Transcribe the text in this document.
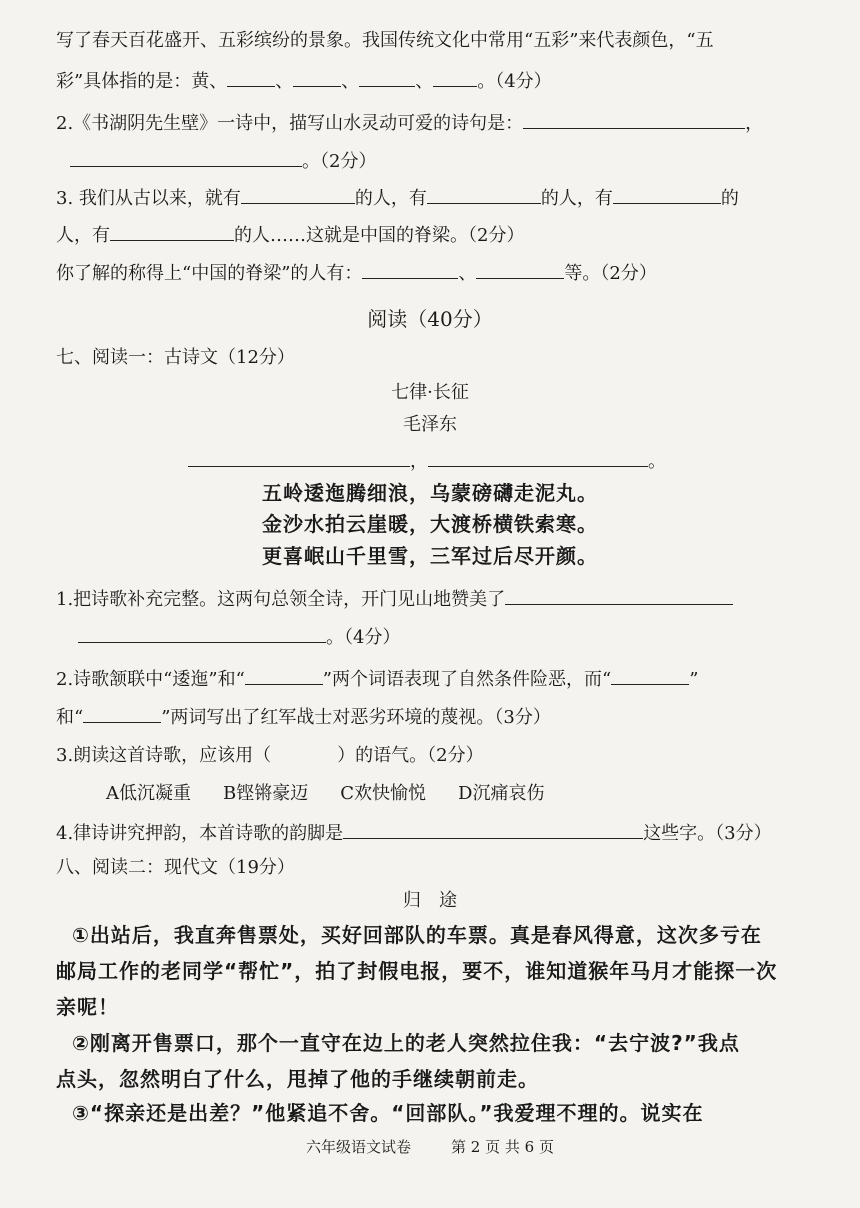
写了春天百花盛开、五彩缤纷的景象。我国传统文化中常用“五彩”来代表颜色，“五
彩”具体指的是：黄、	、	、	、 。（4分）
2.《书湖阴先生壁》一诗中，描写山水灵动可爱的诗句是：	，
。（2分）
3. 我们从古以来，就有	的人，有	的人，有	的
人，有	的人……这就是中国的脊梁。（2分）
你了解的称得上“中国的脊梁”的人有：	、	等。（2分）
阅读（40分）
七、阅读一：古诗文（12分）
七律·长征
毛泽东
，	。
五岭逶迤腾细浪，乌蒙磅礴走泥丸。
金沙水拍云崖暖，大渡桥横铁索寒。
更喜岷山千里雪，三军过后尽开颜。
1.把诗歌补充完整。这两句总领全诗，开门见山地赞美了
。（4分）
2.诗歌颔联中“逶迤”和“	”两个词语表现了自然条件险恶，而“	”
和“	”两词写出了红军战士对恶劣环境的蔑视。（3分）
3.朗读这首诗歌，应该用（	）的语气。（2分）
A低沉凝重 B铿锵豪迈 C欢快愉悦 D沉痛哀伤
4.律诗讲究押韵，本首诗歌的韵脚是	这些字。（3分）
八、阅读二：现代文（19分）
归　途
①出站后，我直奔售票处，买好回部队的车票。真是春风得意，这次多亏在
邮局工作的老同学“帮忙”，拍了封假电报，要不，谁知道猴年马月才能探一次
亲呢！
②刚离开售票口，那个一直守在边上的老人突然拉住我：“去宁波?”我点
点头，忽然明白了什么，甩掉了他的手继续朝前走。
③“探亲还是出差？”他紧追不舍。“回部队。”我爱理不理的。说实在
六年级语文试卷	第 2 页 共 6 页
